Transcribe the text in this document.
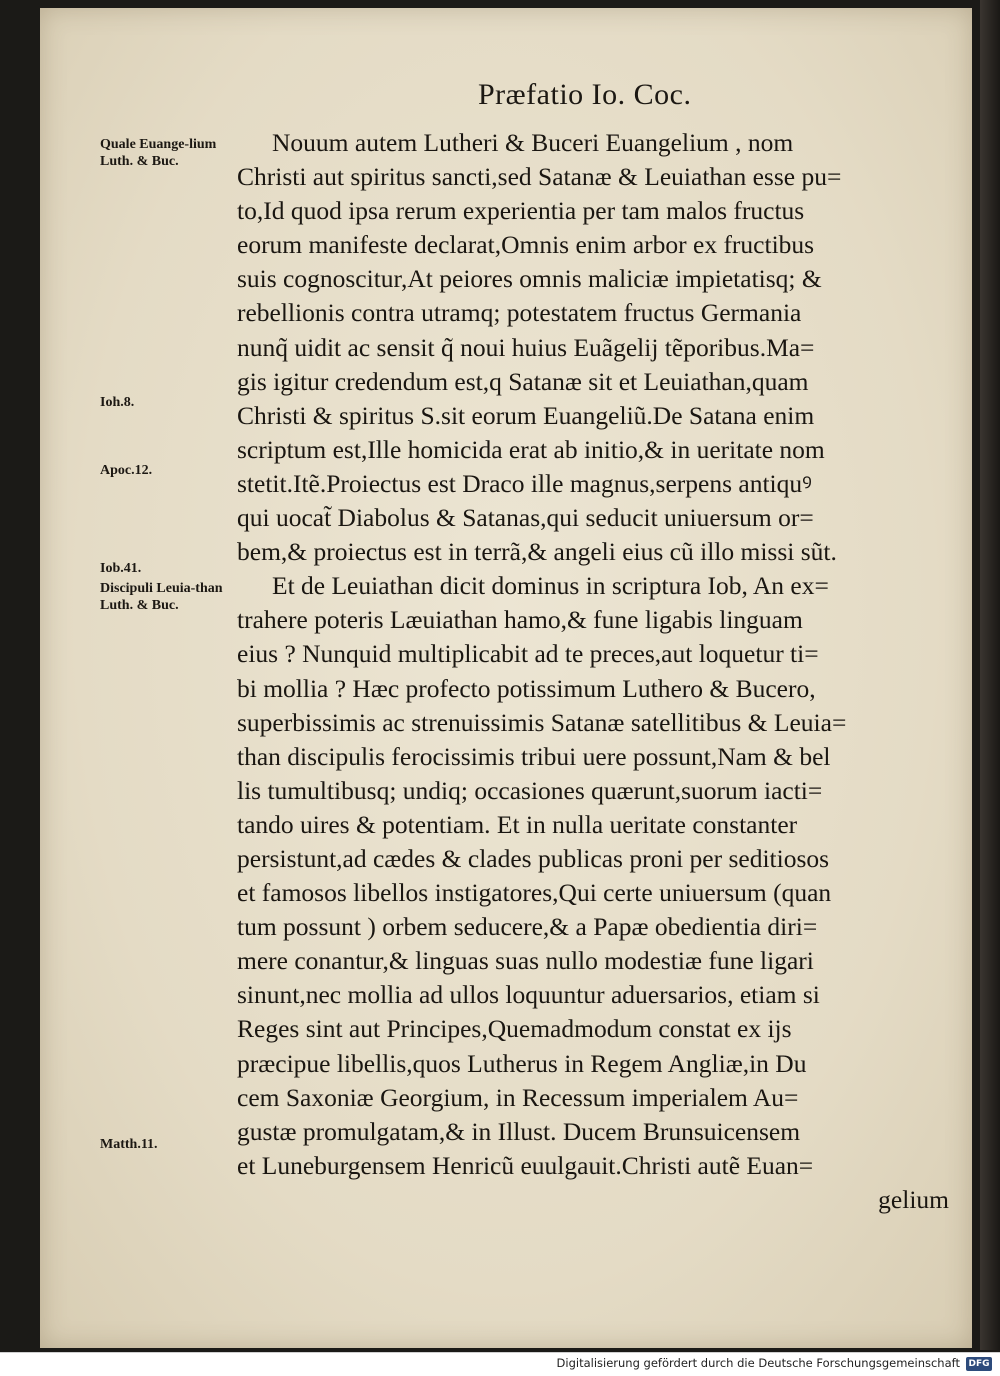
Præfatio Io. Coc.
Quale Euange-lium Luth. & Buc.
Ioh.8.
Apoc.12.
Iob.41.
Discipuli Leuia-than Luth. & Buc.
Matth.11.
Nouum autem Lutheri & Buceri Euangelium , nom
Christi aut spiritus sancti,sed Satanæ & Leuiathan esse pu=
to,Id quod ipsa rerum experientia per tam malos fructus
eorum manifeste declarat,Omnis enim arbor ex fructibus
suis cognoscitur,At peiores omnis maliciæ impietatisq; &
rebellionis contra utramq; potestatem fructus Germania
nunq̃ uidit ac sensit q̃ noui huius Euãgelij tẽporibus.Ma=
gis igitur credendum est,q Satanæ sit et Leuiathan,quam
Christi & spiritus S.sit eorum Euangeliũ.De Satana enim
scriptum est,Ille homicida erat ab initio,& in ueritate nom
stetit.Itẽ.Proiectus est Draco ille magnus,serpens antiquꝰ
qui uocat̃ Diabolus & Satanas,qui seducit uniuersum or=
bem,& proiectus est in terrã,& angeli eius cũ illo missi sũt.
Et de Leuiathan dicit dominus in scriptura Iob, An ex=
trahere poteris Læuiathan hamo,& fune ligabis linguam
eius ? Nunquid multiplicabit ad te preces,aut loquetur ti=
bi mollia ? Hæc profecto potissimum Luthero & Bucero,
superbissimis ac strenuissimis Satanæ satellitibus & Leuia=
than discipulis ferocissimis tribui uere possunt,Nam & bel
lis tumultibusq; undiq; occasiones quærunt,suorum iacti=
tando uires & potentiam. Et in nulla ueritate constanter
persistunt,ad cædes & clades publicas proni per seditiosos
et famosos libellos instigatores,Qui certe uniuersum (quan
tum possunt ) orbem seducere,& a Papæ obedientia diri=
mere conantur,& linguas suas nullo modestiæ fune ligari
sinunt,nec mollia ad ullos loquuntur aduersarios, etiam si
Reges sint aut Principes,Quemadmodum constat ex ijs
præcipue libellis,quos Lutherus in Regem Angliæ,in Du
cem Saxoniæ Georgium, in Recessum imperialem Au=
gustæ promulgatam,& in Illust. Ducem Brunsuicensem
et Luneburgensem Henricũ euulgauit.Christi autẽ Euan=
gelium
Digitalisierung gefördert durch die Deutsche Forschungsgemeinschaft DFG
